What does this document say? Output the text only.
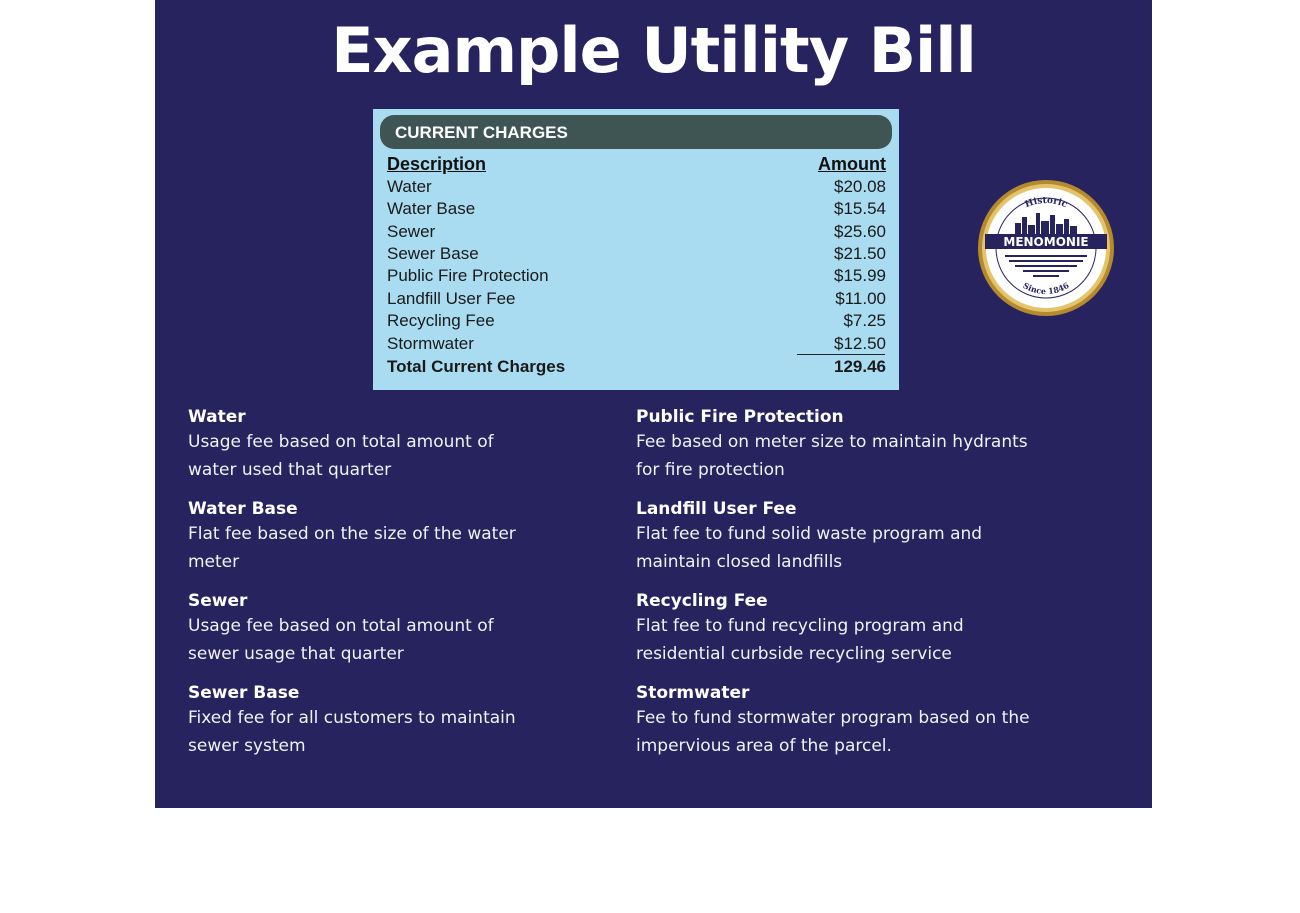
Example Utility Bill
CURRENT CHARGES
Description	Amount
Water	$20.08
Water Base	$15.54
Sewer	$25.60
Sewer Base	$21.50
Public Fire Protection	$15.99
Landfill User Fee	$11.00
Recycling Fee	$7.25
Stormwater	$12.50
Total Current Charges	129.46
Historic
Since 1846
MENOMONIE
Water
Usage fee based on total amount of
water used that quarter
Water Base
Flat fee based on the size of the water
meter
Sewer
Usage fee based on total amount of
sewer usage that quarter
Sewer Base
Fixed fee for all customers to maintain
sewer system
Public Fire Protection
Fee based on meter size to maintain hydrants
for fire protection
Landfill User Fee
Flat fee to fund solid waste program and
maintain closed landfills
Recycling Fee
Flat fee to fund recycling program and
residential curbside recycling service
Stormwater
Fee to fund stormwater program based on the
impervious area of the parcel.
